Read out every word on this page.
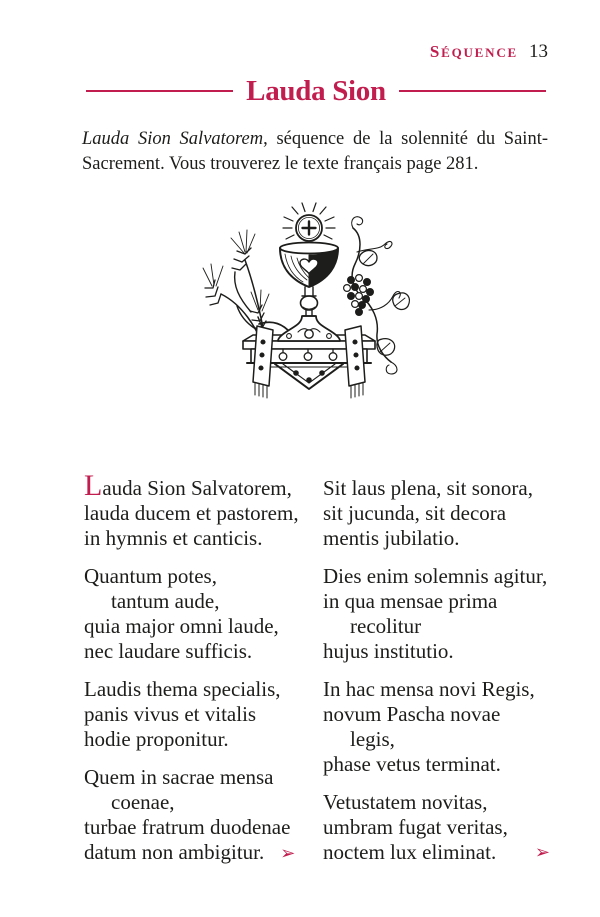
SÉQUENCE 13
Lauda Sion

Lauda Sion Salvatorem, séquence de la solennité du Saint-
Sacrement. Vous trouverez le texte français page 281.

Lauda Sion Salvatorem,
lauda ducem et pastorem,
in hymnis et canticis.
Quantum potes,
tantum aude,
quia major omni laude,
nec laudare sufficis.
Laudis thema specialis,
panis vivus et vitalis
hodie proponitur.
Quem in sacrae mensa
coenae,
turbae fratrum duodenae
datum non ambigitur. ➢
Sit laus plena, sit sonora,
sit jucunda, sit decora
mentis jubilatio.
Dies enim solemnis agitur,
in qua mensae prima
recolitur
hujus institutio.
In hac mensa novi Regis,
novum Pascha novae
legis,
phase vetus terminat.
Vetustatem novitas,
umbram fugat veritas,
noctem lux eliminat. ➢
